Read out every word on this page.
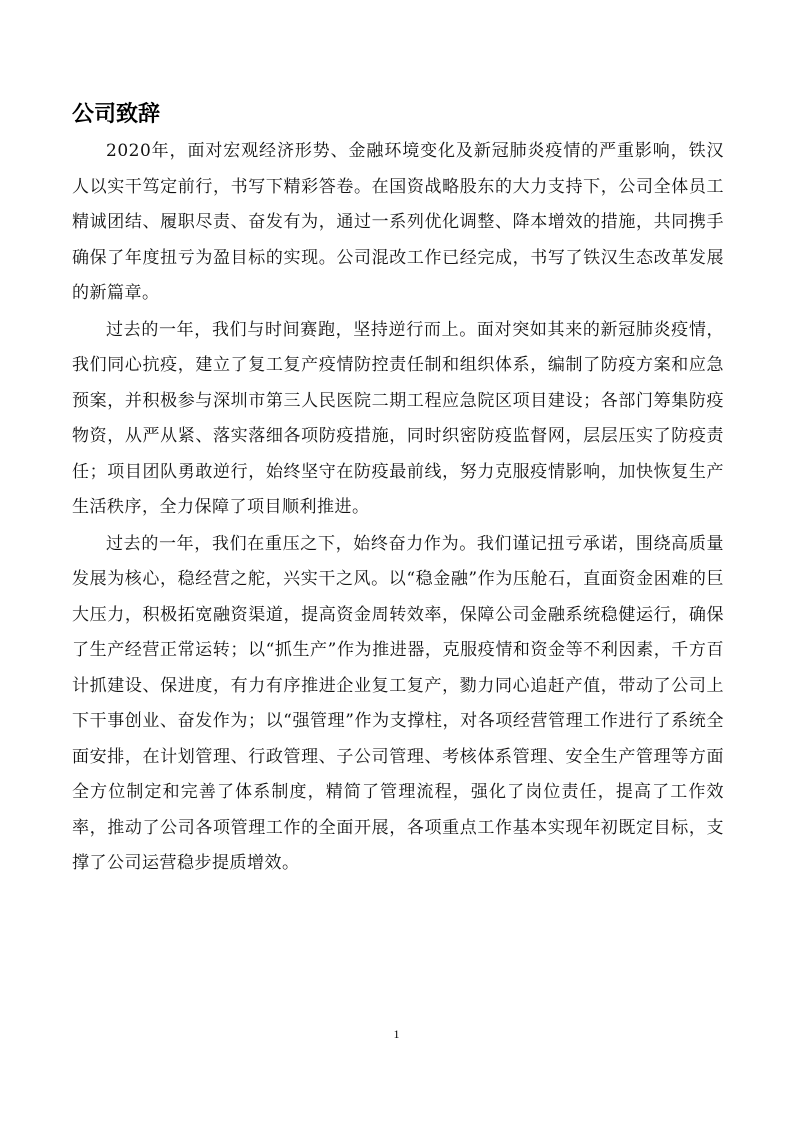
公司致辞

2020年，面对宏观经济形势、金融环境变化及新冠肺炎疫情的严重影响，铁汉人以实干笃定前行，书写下精彩答卷。在国资战略股东的大力支持下，公司全体员工精诚团结、履职尽责、奋发有为，通过一系列优化调整、降本增效的措施，共同携手确保了年度扭亏为盈目标的实现。公司混改工作已经完成，书写了铁汉生态改革发展的新篇章。

过去的一年，我们与时间赛跑，坚持逆行而上。面对突如其来的新冠肺炎疫情，我们同心抗疫，建立了复工复产疫情防控责任制和组织体系，编制了防疫方案和应急预案，并积极参与深圳市第三人民医院二期工程应急院区项目建设；各部门筹集防疫物资，从严从紧、落实落细各项防疫措施，同时织密防疫监督网，层层压实了防疫责任；项目团队勇敢逆行，始终坚守在防疫最前线，努力克服疫情影响，加快恢复生产生活秩序，全力保障了项目顺利推进。

过去的一年，我们在重压之下，始终奋力作为。我们谨记扭亏承诺，围绕高质量发展为核心，稳经营之舵，兴实干之风。以“稳金融”作为压舱石，直面资金困难的巨大压力，积极拓宽融资渠道，提高资金周转效率，保障公司金融系统稳健运行，确保了生产经营正常运转；以“抓生产”作为推进器，克服疫情和资金等不利因素，千方百计抓建设、保进度，有力有序推进企业复工复产，勠力同心追赶产值，带动了公司上下干事创业、奋发作为；以“强管理”作为支撑柱，对各项经营管理工作进行了系统全面安排，在计划管理、行政管理、子公司管理、考核体系管理、安全生产管理等方面全方位制定和完善了体系制度，精简了管理流程，强化了岗位责任，提高了工作效率，推动了公司各项管理工作的全面开展，各项重点工作基本实现年初既定目标，支撑了公司运营稳步提质增效。

1
